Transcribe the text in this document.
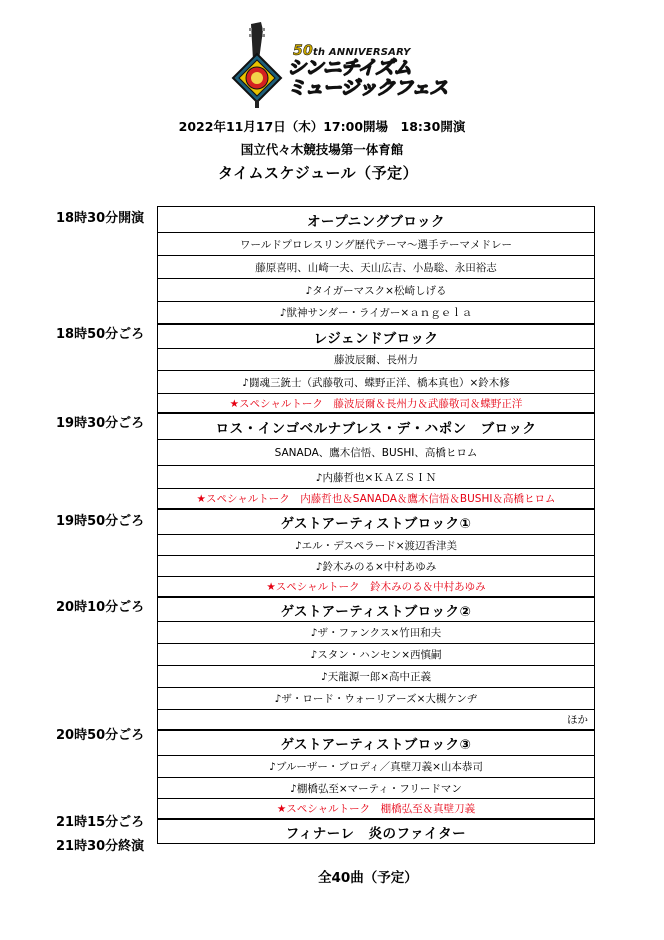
50th ANNIVERSARY
シンニチイズム
ミュージックフェス
2022年11月17日（木）17:00開場　18:30開演
国立代々木競技場第一体育館
タイムスケジュール（予定）
18時30分開演
18時50分ごろ
19時30分ごろ
19時50分ごろ
20時10分ごろ
20時50分ごろ
21時15分ごろ
21時30分終演
オープニングブロック
ワールドプロレスリング歴代テーマ～選手テーマメドレー
藤原喜明、山崎一夫、天山広吉、小島聡、永田裕志
♪タイガーマスク×松崎しげる
♪獣神サンダー・ライガー×ａｎｇｅｌａ
レジェンドブロック
藤波辰爾、長州力
♪闘魂三銃士（武藤敬司、蝶野正洋、橋本真也）×鈴木修
★スペシャルトーク　藤波辰爾＆長州力＆武藤敬司＆蝶野正洋
ロス・インゴベルナブレス・デ・ハポン　ブロック
SANADA、鷹木信悟、BUSHI、高橋ヒロム
♪内藤哲也×ＫＡＺＳＩＮ
★スペシャルトーク　内藤哲也＆SANADA＆鷹木信悟＆BUSHI＆高橋ヒロム
ゲストアーティストブロック①
♪エル・デスペラード×渡辺香津美
♪鈴木みのる×中村あゆみ
★スペシャルトーク　鈴木みのる＆中村あゆみ
ゲストアーティストブロック②
♪ザ・ファンクス×竹田和夫
♪スタン・ハンセン×西慎嗣
♪天龍源一郎×高中正義
♪ザ・ロード・ウォーリアーズ×大槻ケンヂ
ほか
ゲストアーティストブロック③
♪ブルーザー・ブロディ／真壁刀義×山本恭司
♪棚橋弘至×マーティ・フリードマン
★スペシャルトーク　棚橋弘至＆真壁刀義
フィナーレ　炎のファイター
全40曲（予定）
